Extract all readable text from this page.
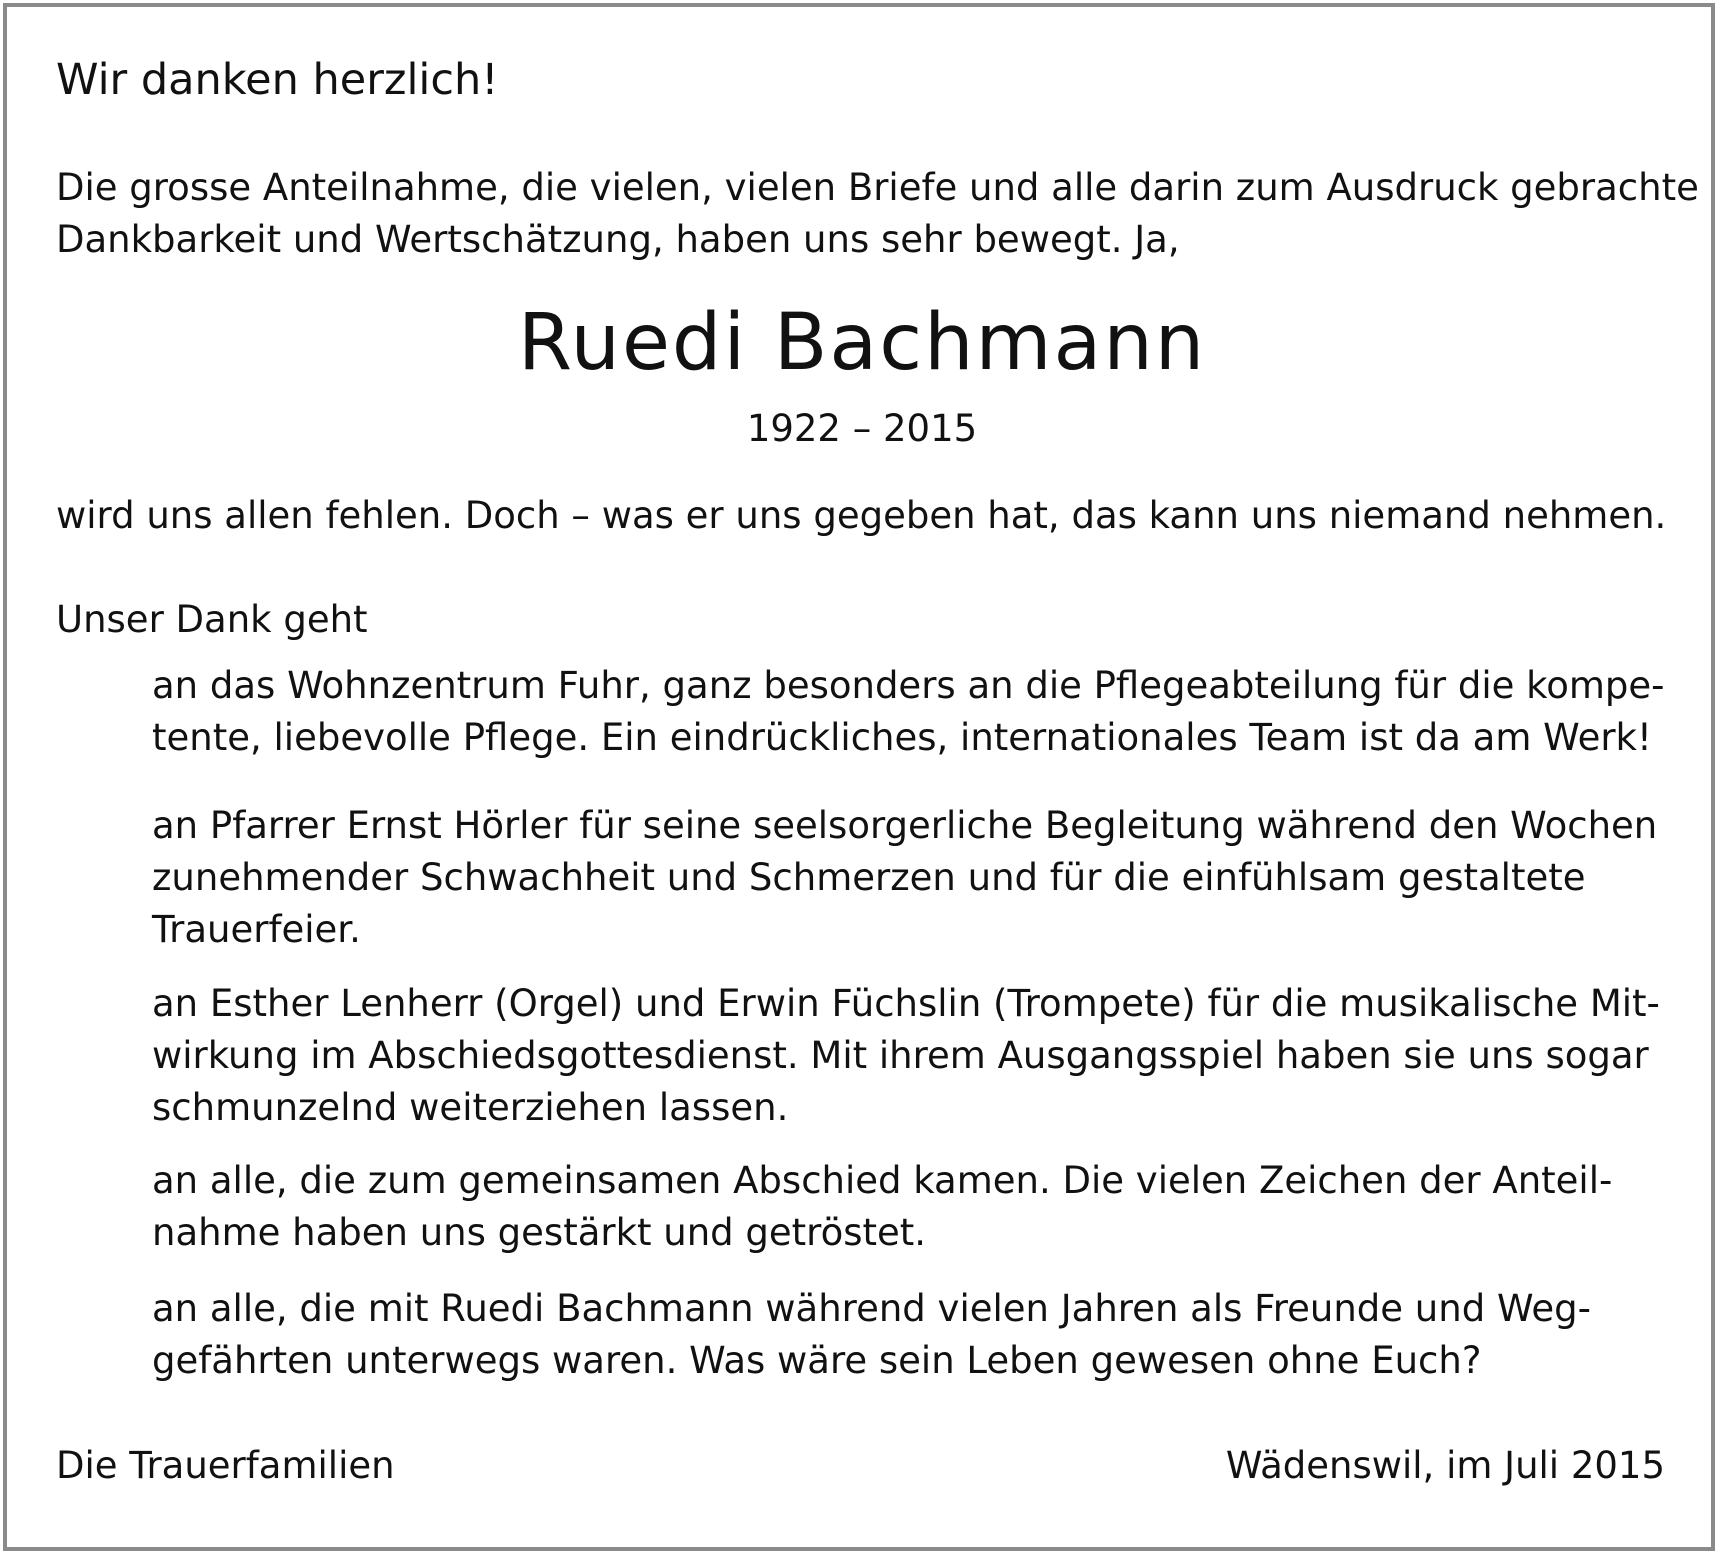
Wir danken herzlich!
Die grosse Anteilnahme, die vielen, vielen Briefe und alle darin zum Ausdruck gebrachte
Dankbarkeit und Wertschätzung, haben uns sehr bewegt. Ja,
Ruedi Bachmann
1922 – 2015
wird uns allen fehlen. Doch – was er uns gegeben hat, das kann uns niemand nehmen.
Unser Dank geht
an das Wohnzentrum Fuhr, ganz besonders an die Pflegeabteilung für die kompe-
tente, liebevolle Pflege. Ein eindrückliches, internationales Team ist da am Werk!
an Pfarrer Ernst Hörler für seine seelsorgerliche Begleitung während den Wochen
zunehmender Schwachheit und Schmerzen und für die einfühlsam gestaltete
Trauerfeier.
an Esther Lenherr (Orgel) und Erwin Füchslin (Trompete) für die musikalische Mit-
wirkung im Abschiedsgottesdienst. Mit ihrem Ausgangsspiel haben sie uns sogar
schmunzelnd weiterziehen lassen.
an alle, die zum gemeinsamen Abschied kamen. Die vielen Zeichen der Anteil-
nahme haben uns gestärkt und getröstet.
an alle, die mit Ruedi Bachmann während vielen Jahren als Freunde und Weg-
gefährten unterwegs waren. Was wäre sein Leben gewesen ohne Euch?
Die Trauerfamilien	Wädenswil, im Juli 2015
